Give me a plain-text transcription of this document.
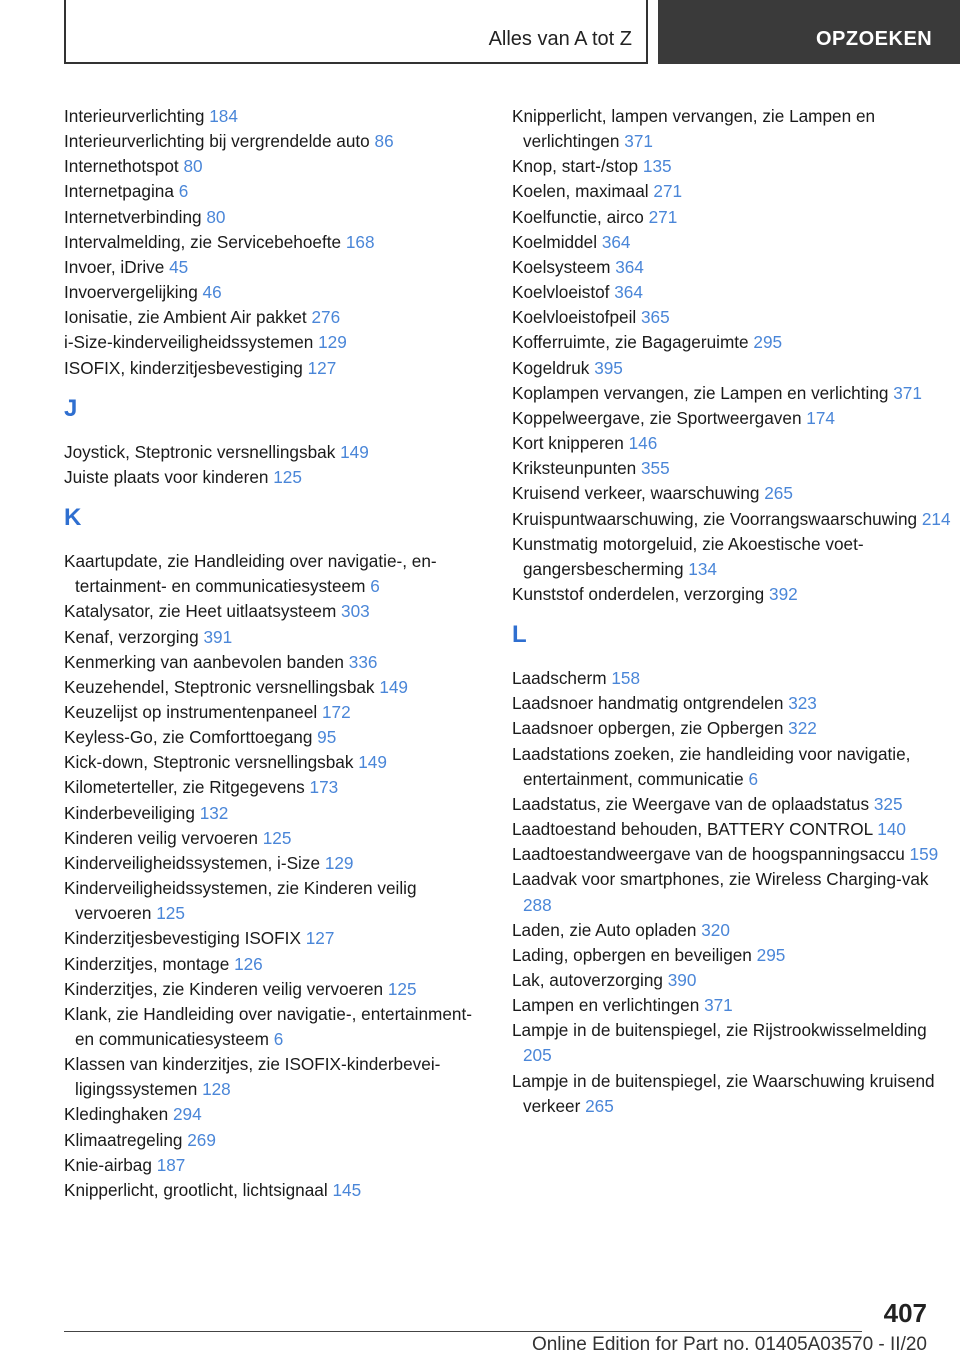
Alles van A tot Z	OPZOEKEN

Interieurverlichting 184

Interieurverlichting bij vergrendelde auto 86

Internethotspot 80

Internetpagina 6

Internetverbinding 80

Intervalmelding, zie Servicebehoefte 168

Invoer, iDrive 45

Invoervergelijking 46

Ionisatie, zie Ambient Air pakket 276

i-Size-kinderveiligheidssystemen 129

ISOFIX, kinderzitjesbevestiging 127

J

Joystick, Steptronic versnellingsbak 149

Juiste plaats voor kinderen 125

K

Kaartupdate, zie Handleiding over navigatie-, entertainment- en communicatiesysteem 6

Katalysator, zie Heet uitlaatsysteem 303

Kenaf, verzorging 391

Kenmerking van aanbevolen banden 336

Keuzehendel, Steptronic versnellingsbak 149

Keuzelijst op instrumentenpaneel 172

Keyless-Go, zie Comforttoegang 95

Kick-down, Steptronic versnellingsbak 149

Kilometerteller, zie Ritgegevens 173

Kinderbeveiliging 132

Kinderen veilig vervoeren 125

Kinderveiligheidssystemen, i-Size 129

Kinderveiligheidssystemen, zie Kinderen veilig vervoeren 125

Kinderzitjesbevestiging ISOFIX 127

Kinderzitjes, montage 126

Kinderzitjes, zie Kinderen veilig vervoeren 125

Klank, zie Handleiding over navigatie-, entertainment- en communicatiesysteem 6

Klassen van kinderzitjes, zie ISOFIX-kinderbeveiligingssystemen 128

Kledinghaken 294

Klimaatregeling 269

Knie-airbag 187

Knipperlicht, grootlicht, lichtsignaal 145

Knipperlicht, lampen vervangen, zie Lampen en verlichtingen 371

Knop, start-/stop 135

Koelen, maximaal 271

Koelfunctie, airco 271

Koelmiddel 364

Koelsysteem 364

Koelvloeistof 364

Koelvloeistofpeil 365

Kofferruimte, zie Bagageruimte 295

Kogeldruk 395

Koplampen vervangen, zie Lampen en verlichting 371

Koppelweergave, zie Sportweergaven 174

Kort knipperen 146

Kriksteunpunten 355

Kruisend verkeer, waarschuwing 265

Kruispuntwaarschuwing, zie Voorrangswaarschuwing 214

Kunstmatig motorgeluid, zie Akoestische voetgangersbescherming 134

Kunststof onderdelen, verzorging 392

L

Laadscherm 158

Laadsnoer handmatig ontgrendelen 323

Laadsnoer opbergen, zie Opbergen 322

Laadstations zoeken, zie handleiding voor navigatie, entertainment, communicatie 6

Laadstatus, zie Weergave van de oplaadstatus 325

Laadtoestand behouden, BATTERY CONTROL 140

Laadtoestandweergave van de hoogspanningsaccu 159

Laadvak voor smartphones, zie Wireless Charging-vak 288

Laden, zie Auto opladen 320

Lading, opbergen en beveiligen 295

Lak, autoverzorging 390

Lampen en verlichtingen 371

Lampje in de buitenspiegel, zie Rijstrookwisselmelding 205

Lampje in de buitenspiegel, zie Waarschuwing kruisend verkeer 265

407
Online Edition for Part no. 01405A03570 - II/20
